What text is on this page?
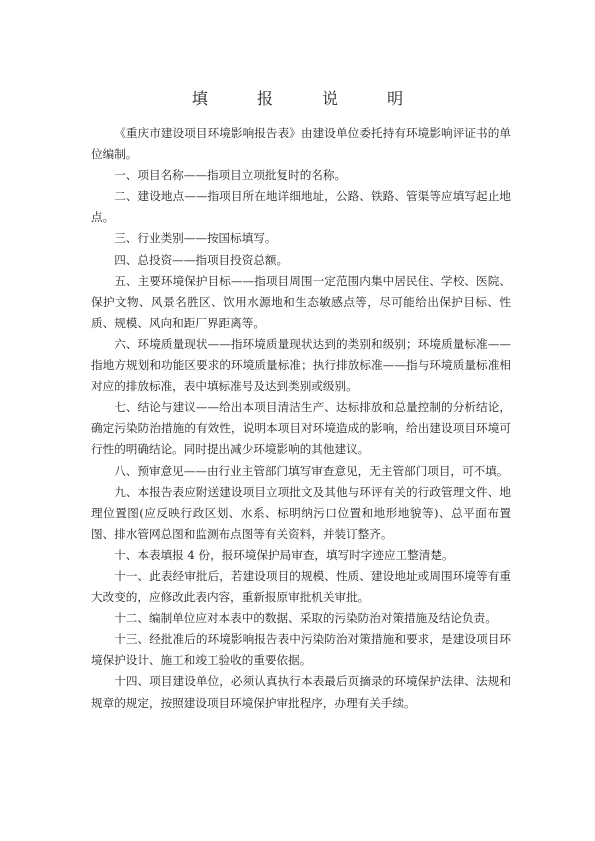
填 报 说 明

《重庆市建设项目环境影响报告表》由建设单位委托持有环境影响评证书的单位编制。

一、项目名称——指项目立项批复时的名称。

二、建设地点——指项目所在地详细地址，公路、铁路、管渠等应填写起止地点。

三、行业类别——按国标填写。

四、总投资——指项目投资总额。

五、主要环境保护目标——指项目周围一定范围内集中居民住、学校、医院、保护文物、风景名胜区、饮用水源地和生态敏感点等，尽可能给出保护目标、性质、规模、风向和距厂界距离等。

六、环境质量现状——指环境质量现状达到的类别和级别；环境质量标准——指地方规划和功能区要求的环境质量标准；执行排放标准——指与环境质量标准相对应的排放标准，表中填标准号及达到类别或级别。

七、结论与建议——给出本项目清洁生产、达标排放和总量控制的分析结论，确定污染防治措施的有效性，说明本项目对环境造成的影响，给出建设项目环境可行性的明确结论。同时提出减少环境影响的其他建议。

八、预审意见——由行业主管部门填写审查意见，无主管部门项目，可不填。

九、本报告表应附送建设项目立项批文及其他与环评有关的行政管理文件、地理位置图(应反映行政区划、水系、标明纳污口位置和地形地貌等)、总平面布置图、排水管网总图和监测布点图等有关资料，并装订整齐。

十、本表填报 4 份，报环境保护局审查，填写时字迹应工整清楚。

十一、此表经审批后，若建设项目的规模、性质、建设地址或周围环境等有重大改变的，应修改此表内容，重新报原审批机关审批。

十二、编制单位应对本表中的数据、采取的污染防治对策措施及结论负责。

十三、经批准后的环境影响报告表中污染防治对策措施和要求，是建设项目环境保护设计、施工和竣工验收的重要依据。

十四、项目建设单位，必须认真执行本表最后页摘录的环境保护法律、法规和规章的规定，按照建设项目环境保护审批程序，办理有关手续。
